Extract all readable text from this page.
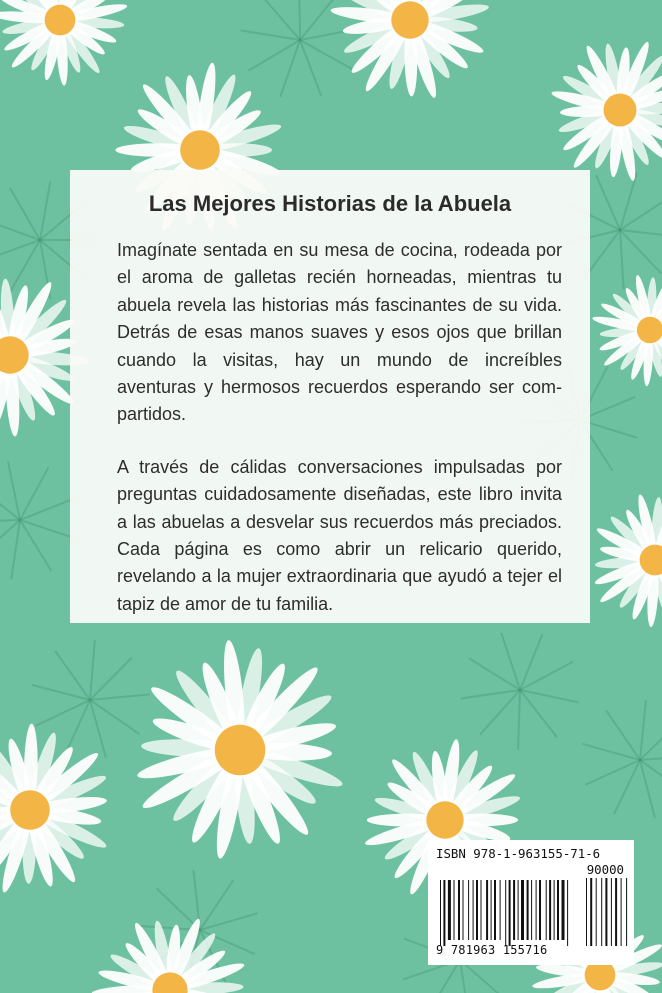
Las Mejores Historias de la Abuela

Imagínate sentada en su mesa de cocina, rodeada por el aroma de galletas recién horneadas, mientras tu abuela revela las historias más fascinantes de su vida. Detrás de esas manos suaves y esos ojos que brillan cuando la visitas, hay un mundo de increíbles aventuras y hermosos recuerdos esperando ser compartidos.

A través de cálidas conversaciones impulsadas por preguntas cuidadosamente diseñadas, este libro invita a las abuelas a desvelar sus recuerdos más preciados. Cada página es como abrir un relicario querido, revelando a la mujer extraordinaria que ayudó a tejer el tapiz de amor de tu familia.

ISBN 978-1-963155-71-6
90000
9 781963 155716
